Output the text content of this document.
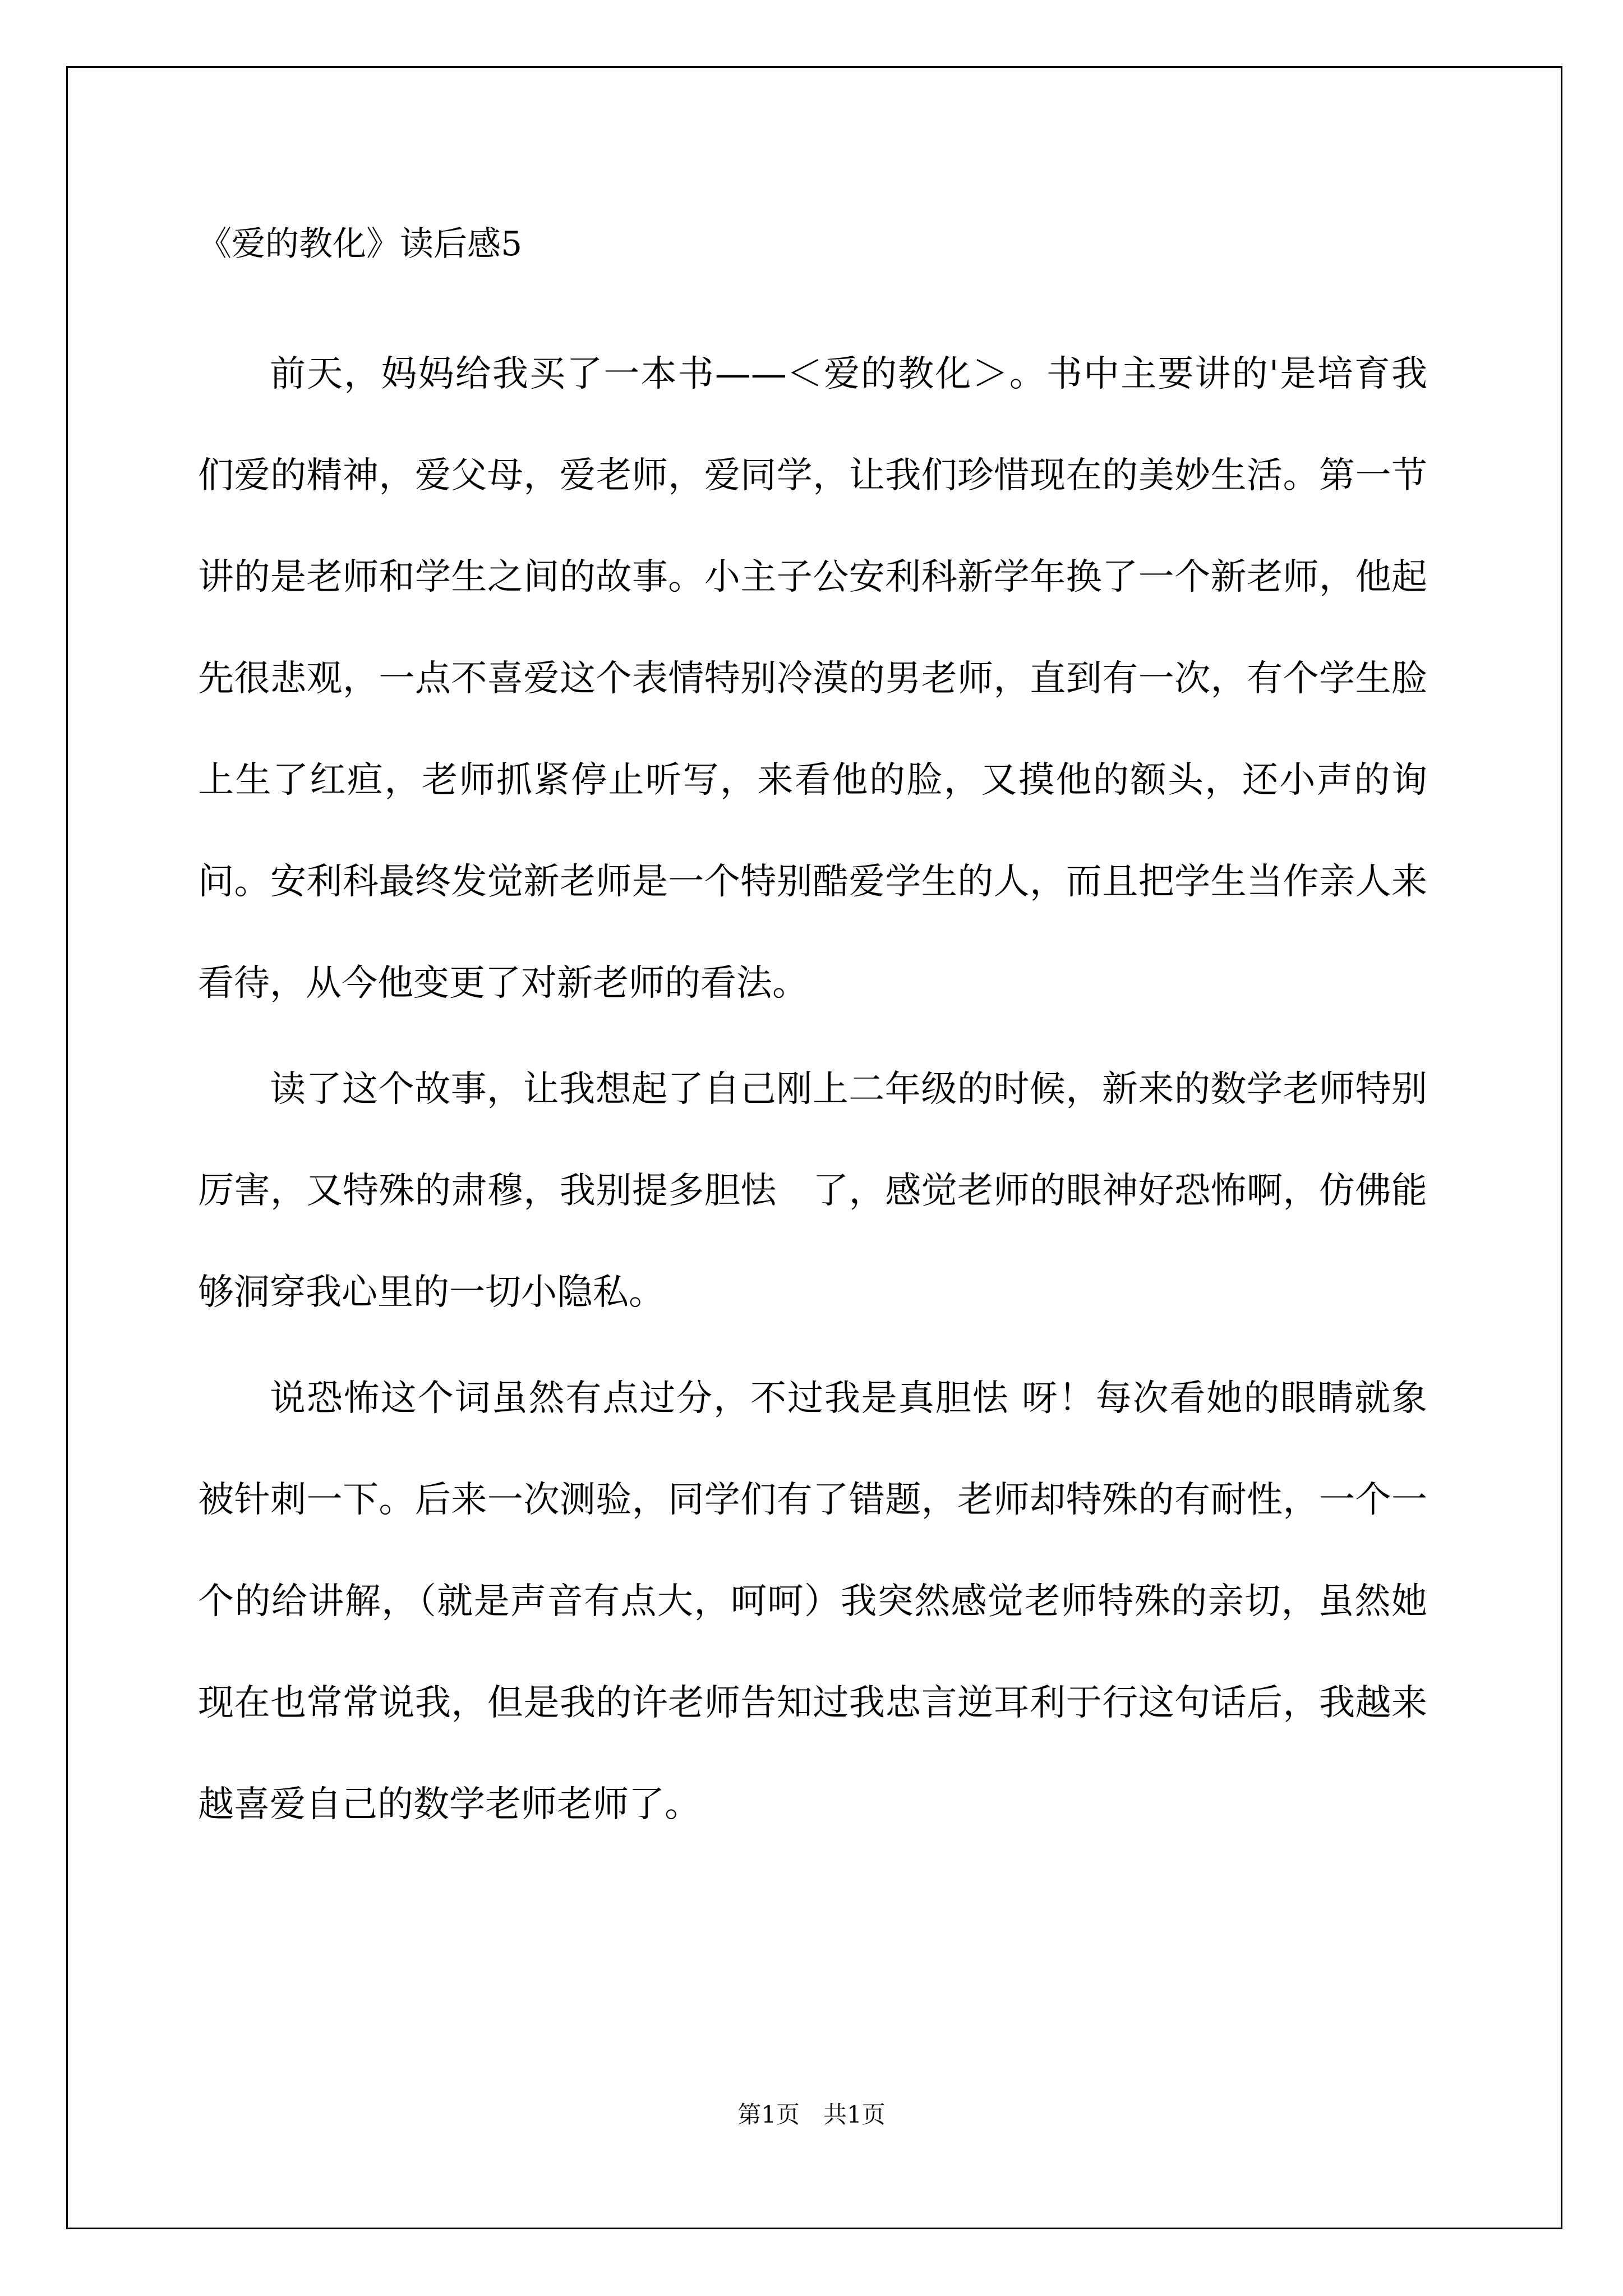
《爱的教化》读后感5

前天，妈妈给我买了一本书——＜爱的教化＞。书中主要讲的'是培育我们爱的精神，爱父母，爱老师，爱同学，让我们珍惜现在的美妙生活。第一节讲的是老师和学生之间的故事。小主子公安利科新学年换了一个新老师，他起先很悲观，一点不喜爱这个表情特别冷漠的男老师，直到有一次，有个学生脸上生了红疸，老师抓紧停止听写，来看他的脸，又摸他的额头，还小声的询问。安利科最终发觉新老师是一个特别酷爱学生的人，而且把学生当作亲人来看待，从今他变更了对新老师的看法。

读了这个故事，让我想起了自己刚上二年级的时候，新来的数学老师特别厉害，又特殊的肃穆，我别提多胆怯　了，感觉老师的眼神好恐怖啊，仿佛能够洞穿我心里的一切小隐私。

说恐怖这个词虽然有点过分，不过我是真胆怯 呀！每次看她的眼睛就象被针刺一下。后来一次测验，同学们有了错题，老师却特殊的有耐性，一个一个的给讲解，（就是声音有点大，呵呵）我突然感觉老师特殊的亲切，虽然她现在也常常说我，但是我的许老师告知过我忠言逆耳利于行这句话后，我越来越喜爱自己的数学老师老师了。

第1页　共1页
